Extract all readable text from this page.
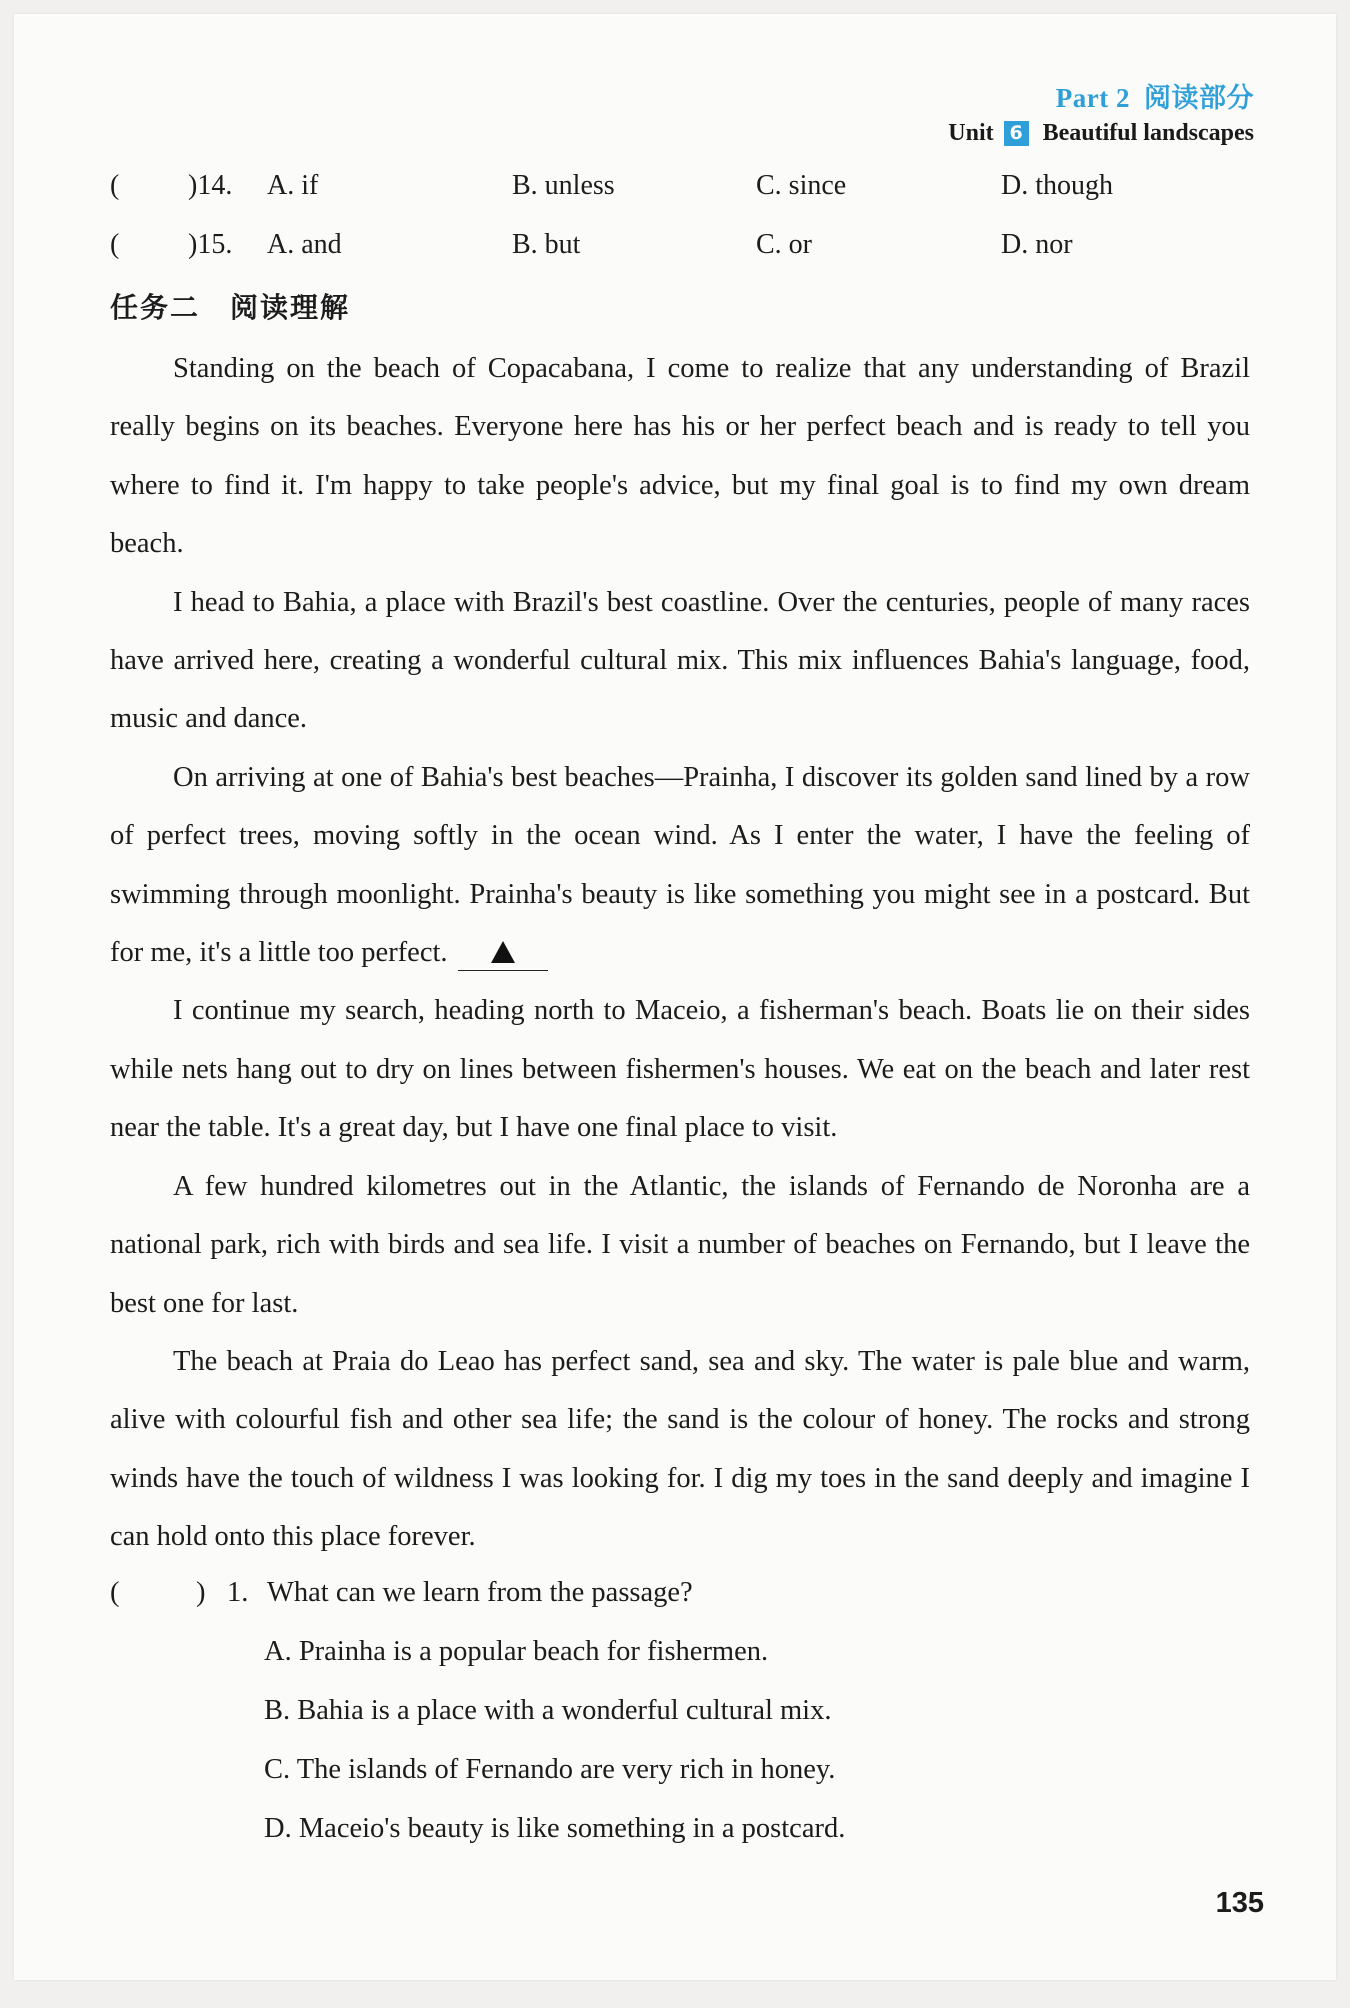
Part 2 阅读部分
Unit 6 Beautiful landscapes
( )14. A. if	B. unless	C. since	D. though
( )15. A. and	B. but	C. or	D. nor
任务二　阅读理解

Standing on the beach of Copacabana, I come to realize that any understanding of Brazil really begins on its beaches. Everyone here has his or her perfect beach and is ready to tell you where to find it. I'm happy to take people's advice, but my final goal is to find my own dream beach.

I head to Bahia, a place with Brazil's best coastline. Over the centuries, people of many races have arrived here, creating a wonderful cultural mix. This mix influences Bahia's language, food, music and dance.

On arriving at one of Bahia's best beaches—Prainha, I discover its golden sand lined by a row of perfect trees, moving softly in the ocean wind. As I enter the water, I have the feeling of swimming through moonlight. Prainha's beauty is like something you might see in a postcard. But for me, it's a little too perfect.

I continue my search, heading north to Maceio, a fisherman's beach. Boats lie on their sides while nets hang out to dry on lines between fishermen's houses. We eat on the beach and later rest near the table. It's a great day, but I have one final place to visit.

A few hundred kilometres out in the Atlantic, the islands of Fernando de Noronha are a national park, rich with birds and sea life. I visit a number of beaches on Fernando, but I leave the best one for last.

The beach at Praia do Leao has perfect sand, sea and sky. The water is pale blue and warm, alive with colourful fish and other sea life; the sand is the colour of honey. The rocks and strong winds have the touch of wildness I was looking for. I dig my toes in the sand deeply and imagine I can hold onto this place forever.

(	) 1. What can we learn from the passage?
A. Prainha is a popular beach for fishermen.
B. Bahia is a place with a wonderful cultural mix.
C. The islands of Fernando are very rich in honey.
D. Maceio's beauty is like something in a postcard.
135
